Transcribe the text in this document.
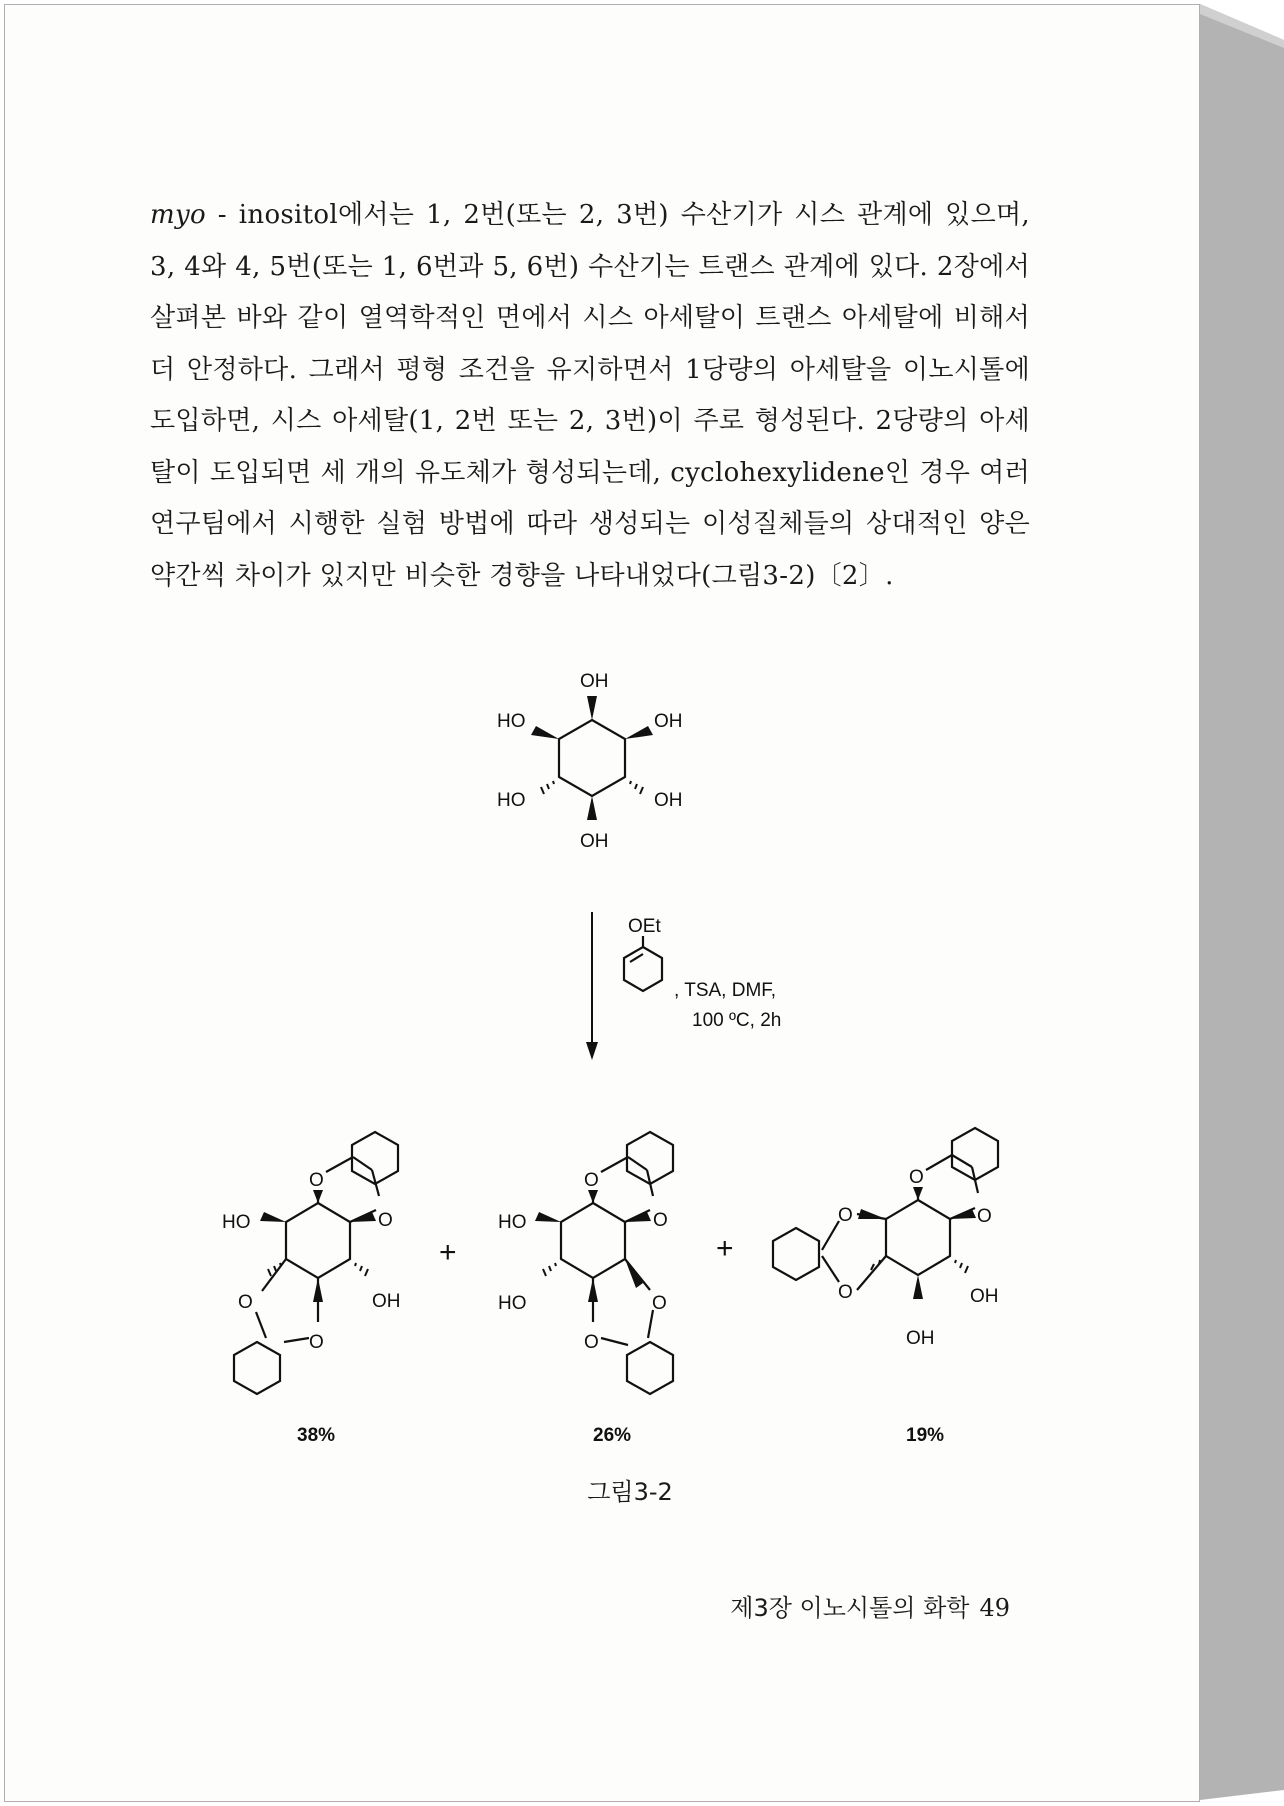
myo - inositol에서는 1, 2번(또는 2, 3번) 수산기가 시스 관계에 있으며, 3, 4와 4, 5번(또는 1, 6번과 5, 6번) 수산기는 트랜스 관계에 있다. 2장에서 살펴본 바와 같이 열역학적인 면에서 시스 아세탈이 트랜스 아세탈에 비해서 더 안정하다. 그래서 평형 조건을 유지하면서 1당량의 아세탈을 이노시톨에 도입하면, 시스 아세탈(1, 2번 또는 2, 3번)이 주로 형성된다. 2당량의 아세탈이 도입되면 세 개의 유도체가 형성되는데, cyclohexylidene인 경우 여러 연구팀에서 시행한 실험 방법에 따라 생성되는 이성질체들의 상대적인 양은 약간씩 차이가 있지만 비슷한 경향을 나타내었다(그림3-2)〔2〕.
OH
HO	OH
HO	OH
OH
OEt
, TSA, DMF,
100 ºC, 2h
HO
O
O
O	OH
O
38%
+
HO
O
O
HO	O
O
26%
+
O
O
O
O	OH
OH
19%
그림3-2
제3장 이노시톨의 화학 49
